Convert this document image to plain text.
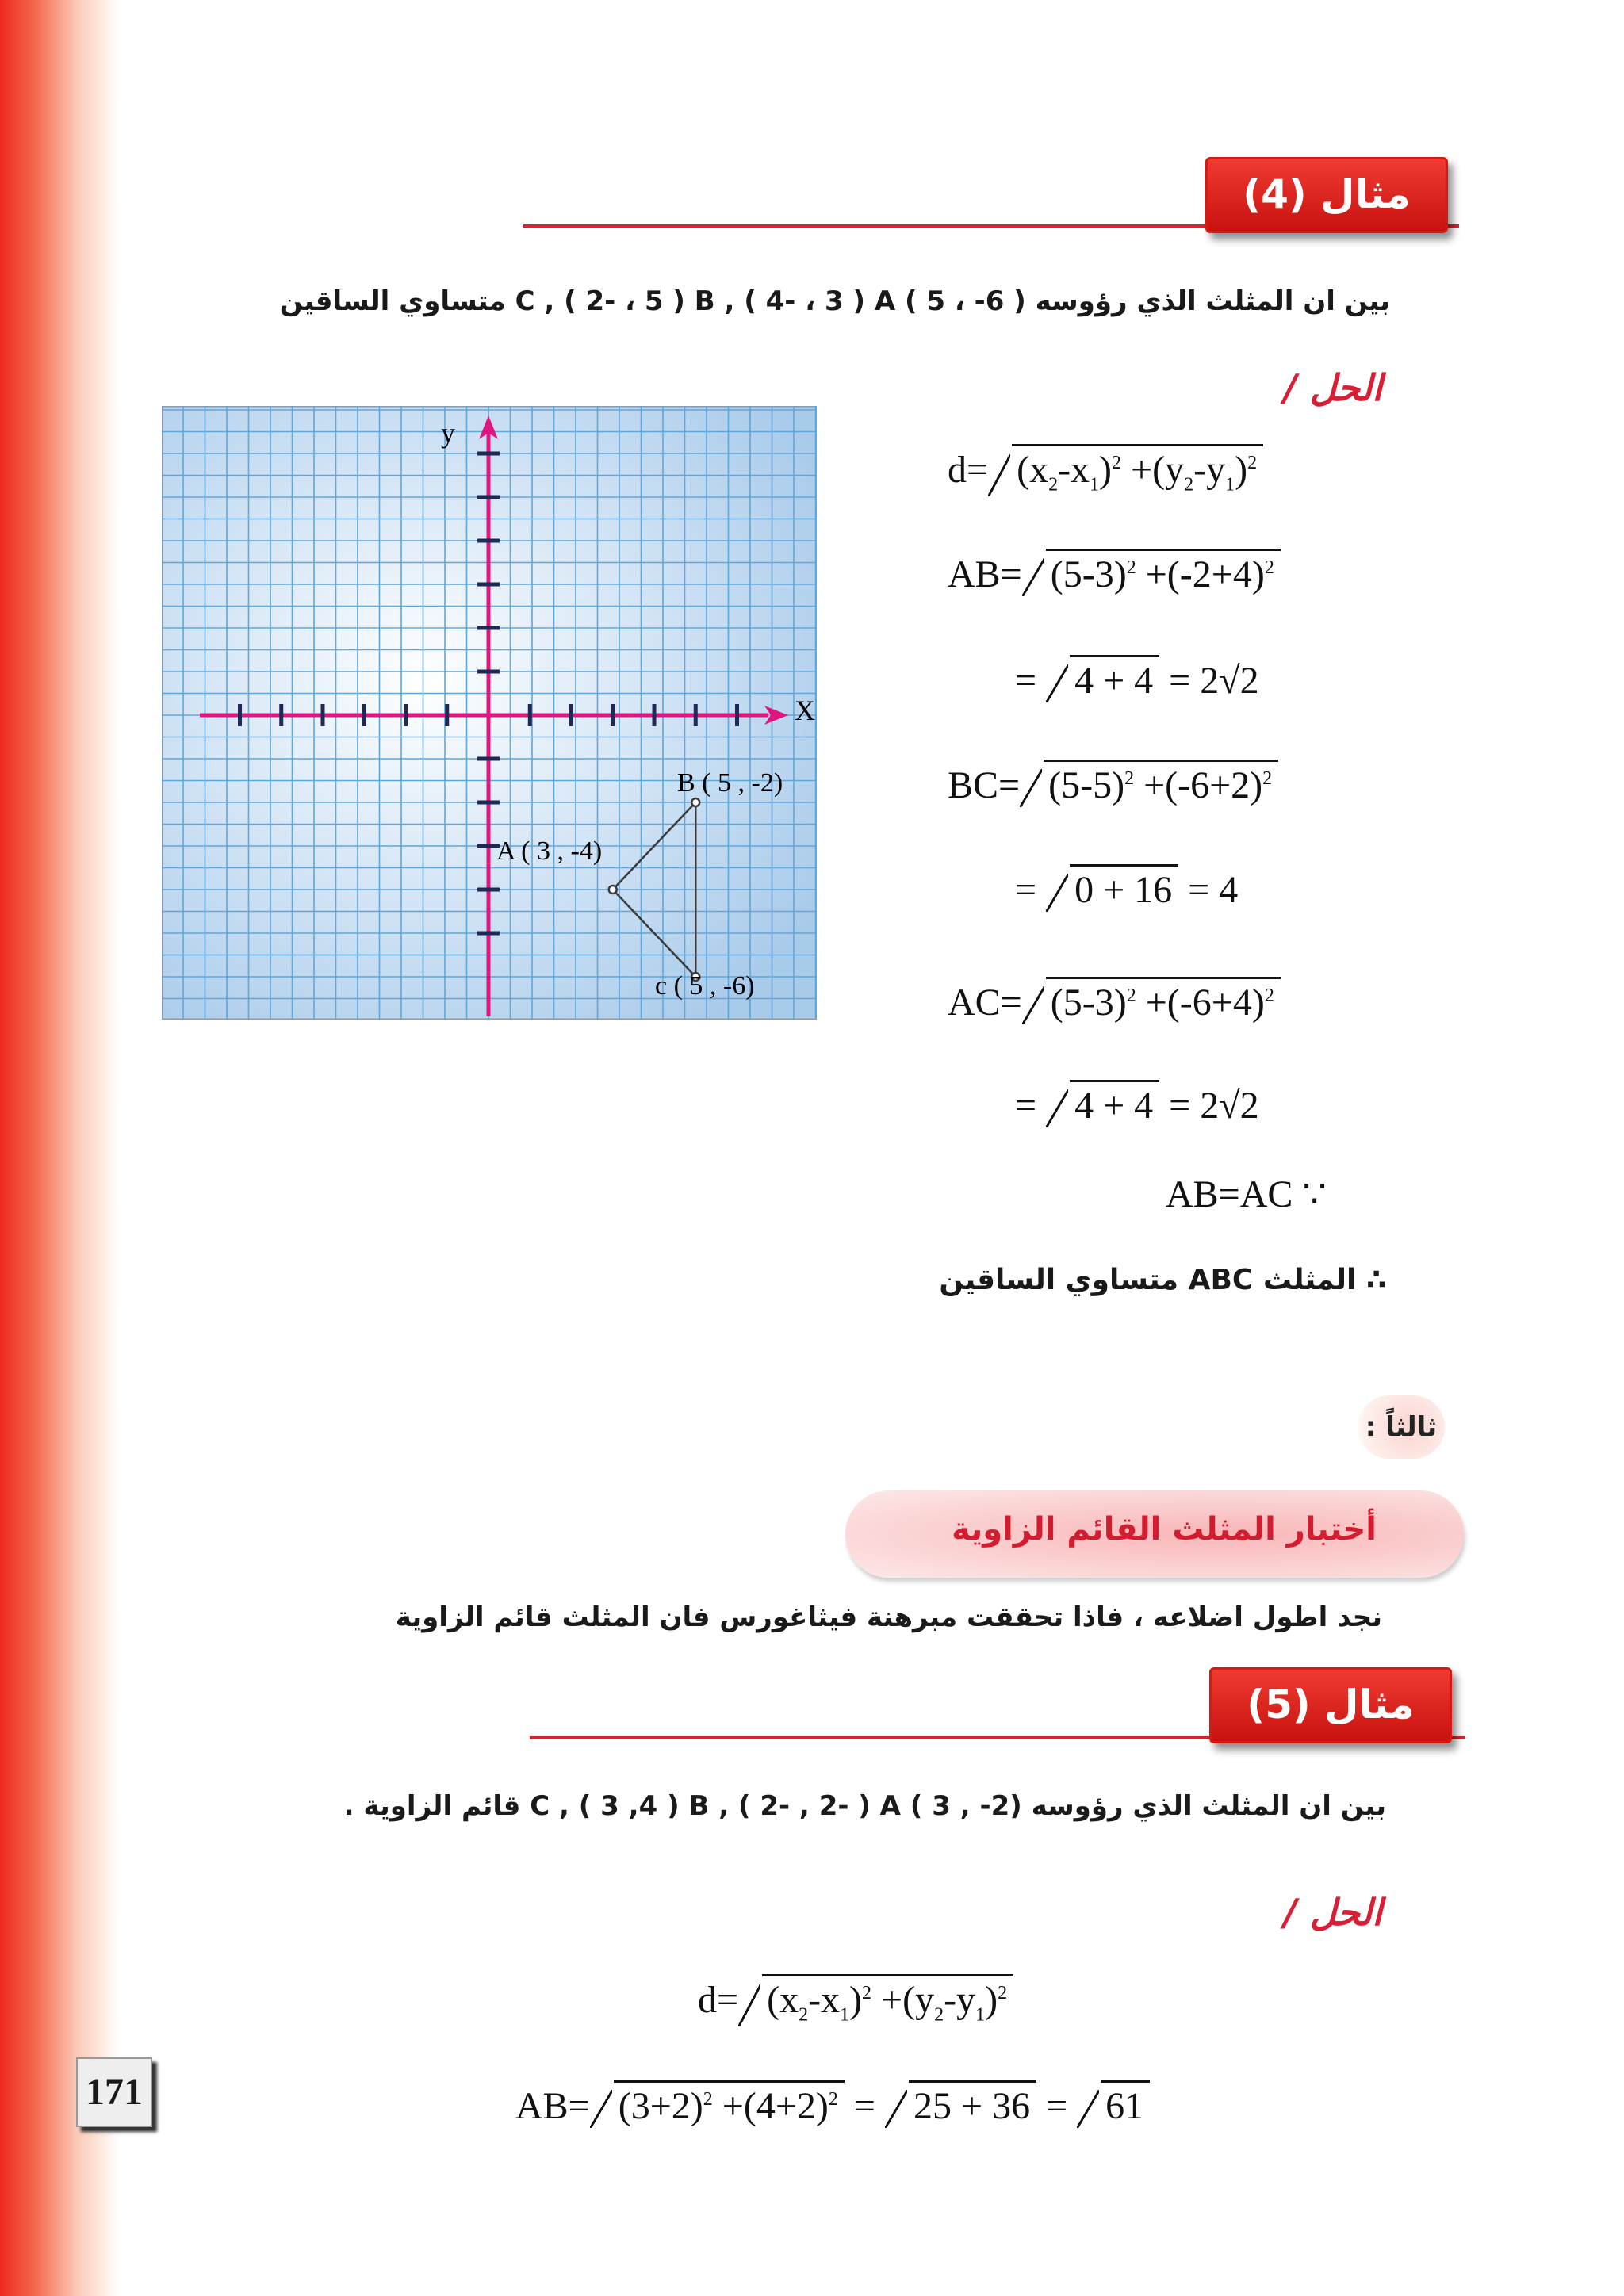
مثال (4)
بين ان المثلث الذي رؤوسه ( 6- ، 5 ) C , ( 2- ، 5 ) B , ( 4- ، 3 ) A متساوي الساقين
الحل /
X
y
B ( 5 , -2)
A ( 3 , -4)
c ( 5 , -6)
$d= (x_2-x_1)^2 +(y_2-y_1)^2$
$AB= (5-3)^2 +(-2+4)^2$
= 4 + 4 = 2√2
$BC= (5-5)^2 +(-6+2)^2$
= 0 + 16 = 4
$AC= (5-3)^2 +(-6+4)^2$
= 4 + 4 = 2√2
AB=AC ∵
∴ المثلث ABC متساوي الساقين
ثالثاً :
أختبار المثلث القائم الزاوية
نجد اطول اضلاعه ، فاذا تحققت مبرهنة فيثاغورس فان المثلث قائم الزاوية
مثال (5)
بين ان المثلث الذي رؤوسه (2- , 3 ) C , ( 3 ,4 ) B , ( 2- , 2- ) A قائم الزاوية .
الحل /
$d= (x_2-x_1)^2 +(y_2-y_1)^2$
$AB= (3+2)^2 +(4+2)^2 = 25 + 36 = 61$
171
